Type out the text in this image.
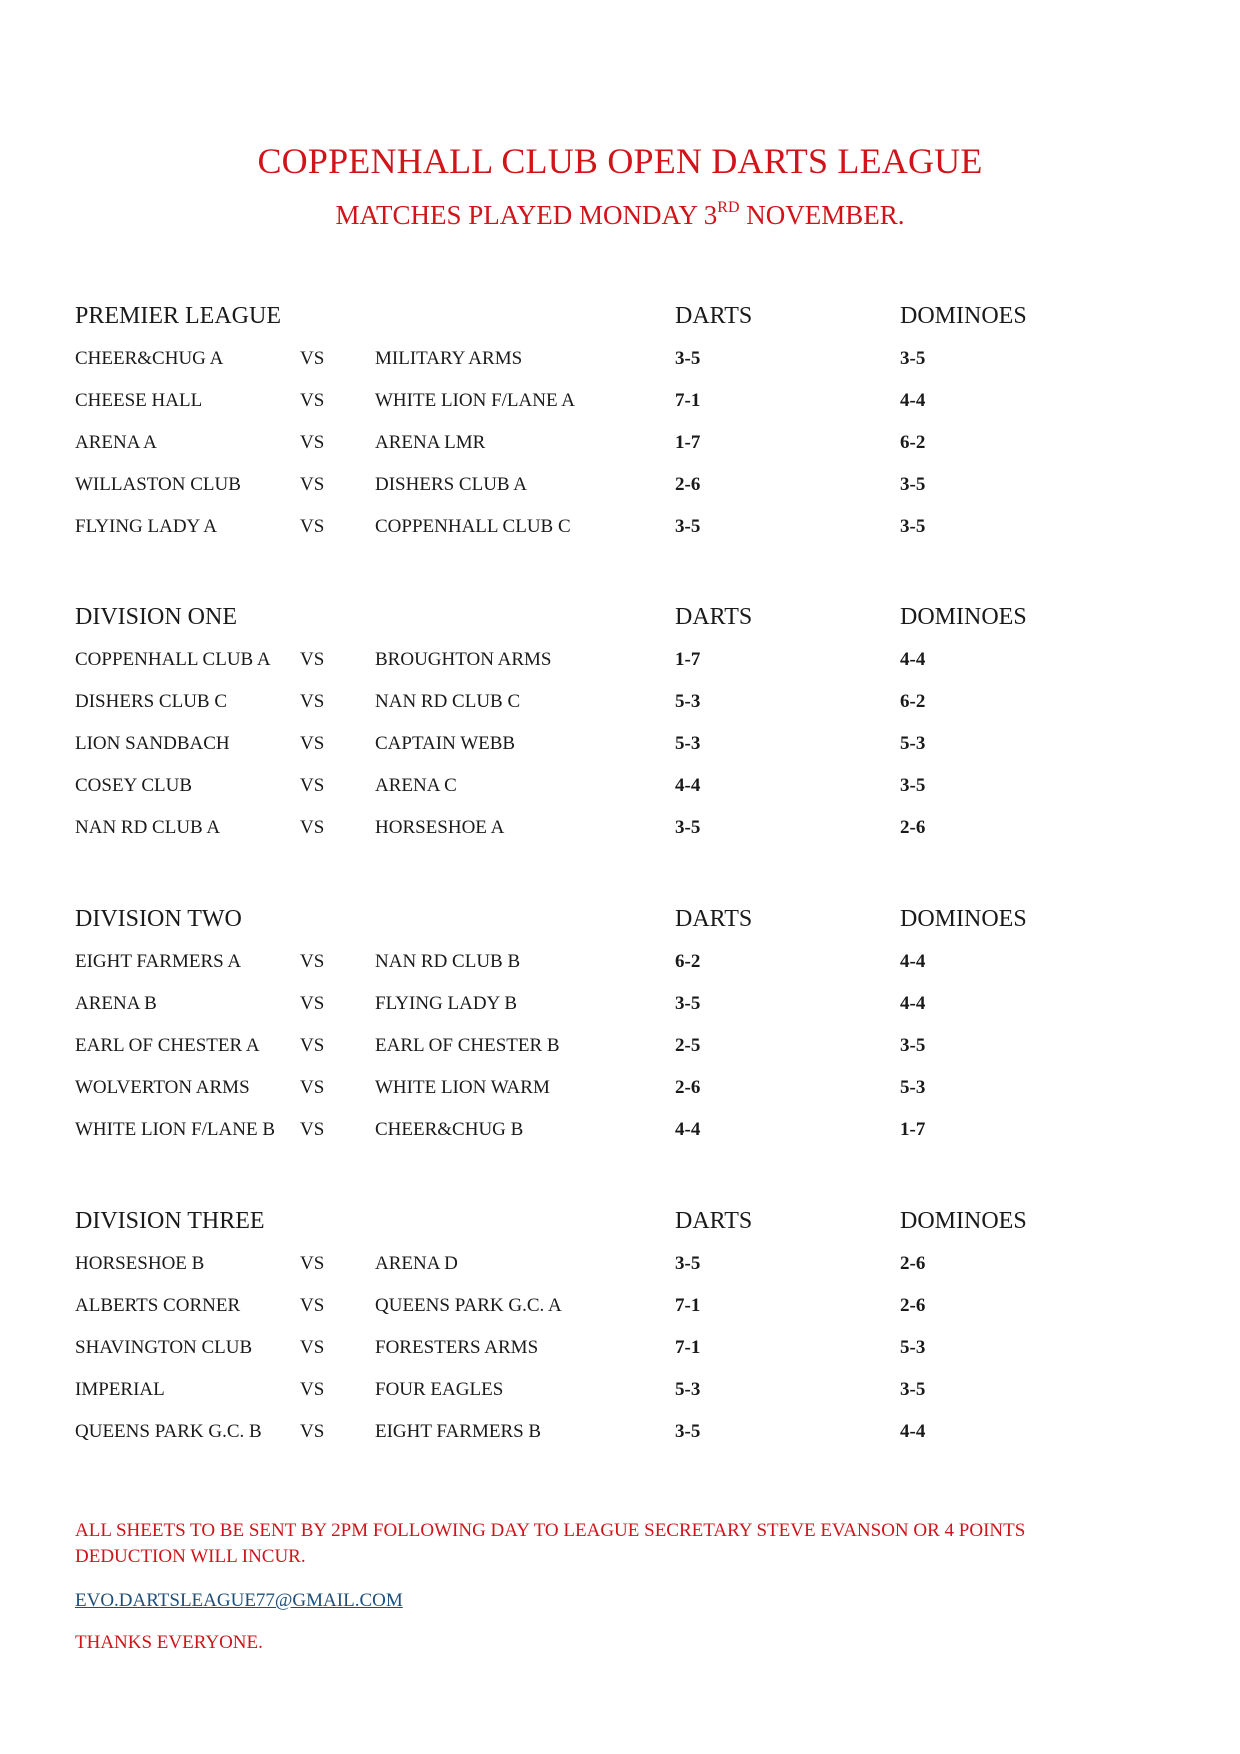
COPPENHALL CLUB OPEN DARTS LEAGUE
MATCHES PLAYED MONDAY 3RD NOVEMBER.
PREMIER LEAGUE	DARTS	DOMINOES
CHEER&CHUG A	VS	MILITARY ARMS	3-5	3-5
CHEESE HALL	VS	WHITE LION F/LANE A	7-1	4-4
ARENA A	VS	ARENA LMR	1-7	6-2
WILLASTON CLUB	VS	DISHERS CLUB A	2-6	3-5
FLYING LADY A	VS	COPPENHALL CLUB C	3-5	3-5
DIVISION ONE	DARTS	DOMINOES
COPPENHALL CLUB A VS	BROUGHTON ARMS	1-7	4-4
DISHERS CLUB C	VS	NAN RD CLUB C	5-3	6-2
LION SANDBACH	VS	CAPTAIN WEBB	5-3	5-3
COSEY CLUB	VS	ARENA C	4-4	3-5
NAN RD CLUB A	VS	HORSESHOE A	3-5	2-6
DIVISION TWO	DARTS	DOMINOES
EIGHT FARMERS A	VS	NAN RD CLUB B	6-2	4-4
ARENA B	VS	FLYING LADY B	3-5	4-4
EARL OF CHESTER A VS	EARL OF CHESTER B	2-5	3-5
WOLVERTON ARMS	VS	WHITE LION WARM	2-6	5-3
WHITE LION F/LANE B VS	CHEER&CHUG B	4-4	1-7
DIVISION THREE	DARTS	DOMINOES
HORSESHOE B	VS	ARENA D	3-5	2-6
ALBERTS CORNER	VS	QUEENS PARK G.C. A	7-1	2-6
SHAVINGTON CLUB	VS	FORESTERS ARMS	7-1	5-3
IMPERIAL	VS	FOUR EAGLES	5-3	3-5
QUEENS PARK G.C. B VS	EIGHT FARMERS B	3-5	4-4
ALL SHEETS TO BE SENT BY 2PM FOLLOWING DAY TO LEAGUE SECRETARY STEVE EVANSON OR 4 POINTS DEDUCTION WILL INCUR.
EVO.DARTSLEAGUE77@GMAIL.COM
THANKS EVERYONE.
